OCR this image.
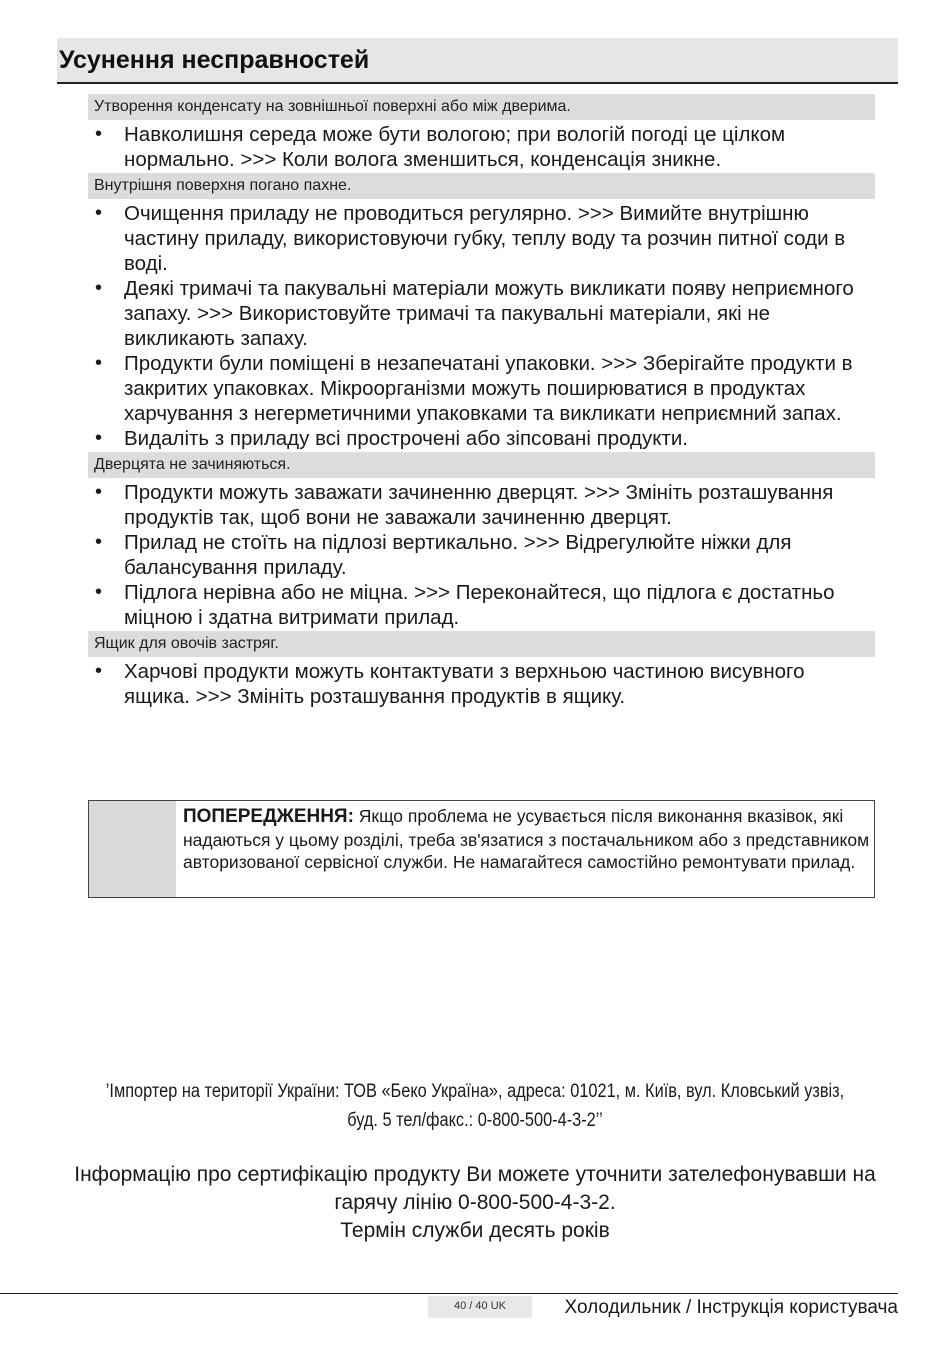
Усунення несправностей
Утворення конденсату на зовнішньої поверхні або між дверима.
• Навколишня середа може бути вологою; при вологій погоді це цілком нормально. >>> Коли волога зменшиться, конденсація зникне.
Внутрішня поверхня погано пахне.
• Очищення приладу не проводиться регулярно. >>> Вимийте внутрішню частину приладу, використовуючи губку, теплу воду та розчин питної соди в воді.
• Деякі тримачі та пакувальні матеріали можуть викликати появу неприємного запаху. >>> Використовуйте тримачі та пакувальні матеріали, які не викликають запаху.
• Продукти були поміщені в незапечатані упаковки. >>> Зберігайте продукти в закритих упаковках. Мікроорганізми можуть поширюватися в продуктах харчування з негерметичними упаковками та викликати неприємний запах.
• Видаліть з приладу всі прострочені або зіпсовані продукти.
Дверцята не зачиняються.
• Продукти можуть заважати зачиненню дверцят. >>> Змініть розташування продуктів так, щоб вони не заважали зачиненню дверцят.
• Прилад не стоїть на підлозі вертикально. >>> Відрегулюйте ніжки для балансування приладу.
• Підлога нерівна або не міцна. >>> Переконайтеся, що підлога є достатньо міцною і здатна витримати прилад.
Ящик для овочів застряг.
• Харчові продукти можуть контактувати з верхньою частиною висувного ящика. >>> Змініть розташування продуктів в ящику.
ПОПЕРЕДЖЕННЯ: Якщо проблема не усувається після виконання вказівок, які надаються у цьому розділі, треба зв'язатися з постачальником або з представником авторизованої сервісної служби. Не намагайтеся самостійно ремонтувати прилад.
’Імпортер на території України: ТОВ «Беко Україна», адреса: 01021, м. Київ, вул. Кловський узвіз, буд. 5 тел/факс.: 0-800-500-4-3-2’’
Інформацію про сертифікацію продукту Ви можете уточнити зателефонувавши на гарячу лінію 0-800-500-4-3-2.
Термін служби десять років
40 / 40 UK	Холодильник / Інструкція користувача
